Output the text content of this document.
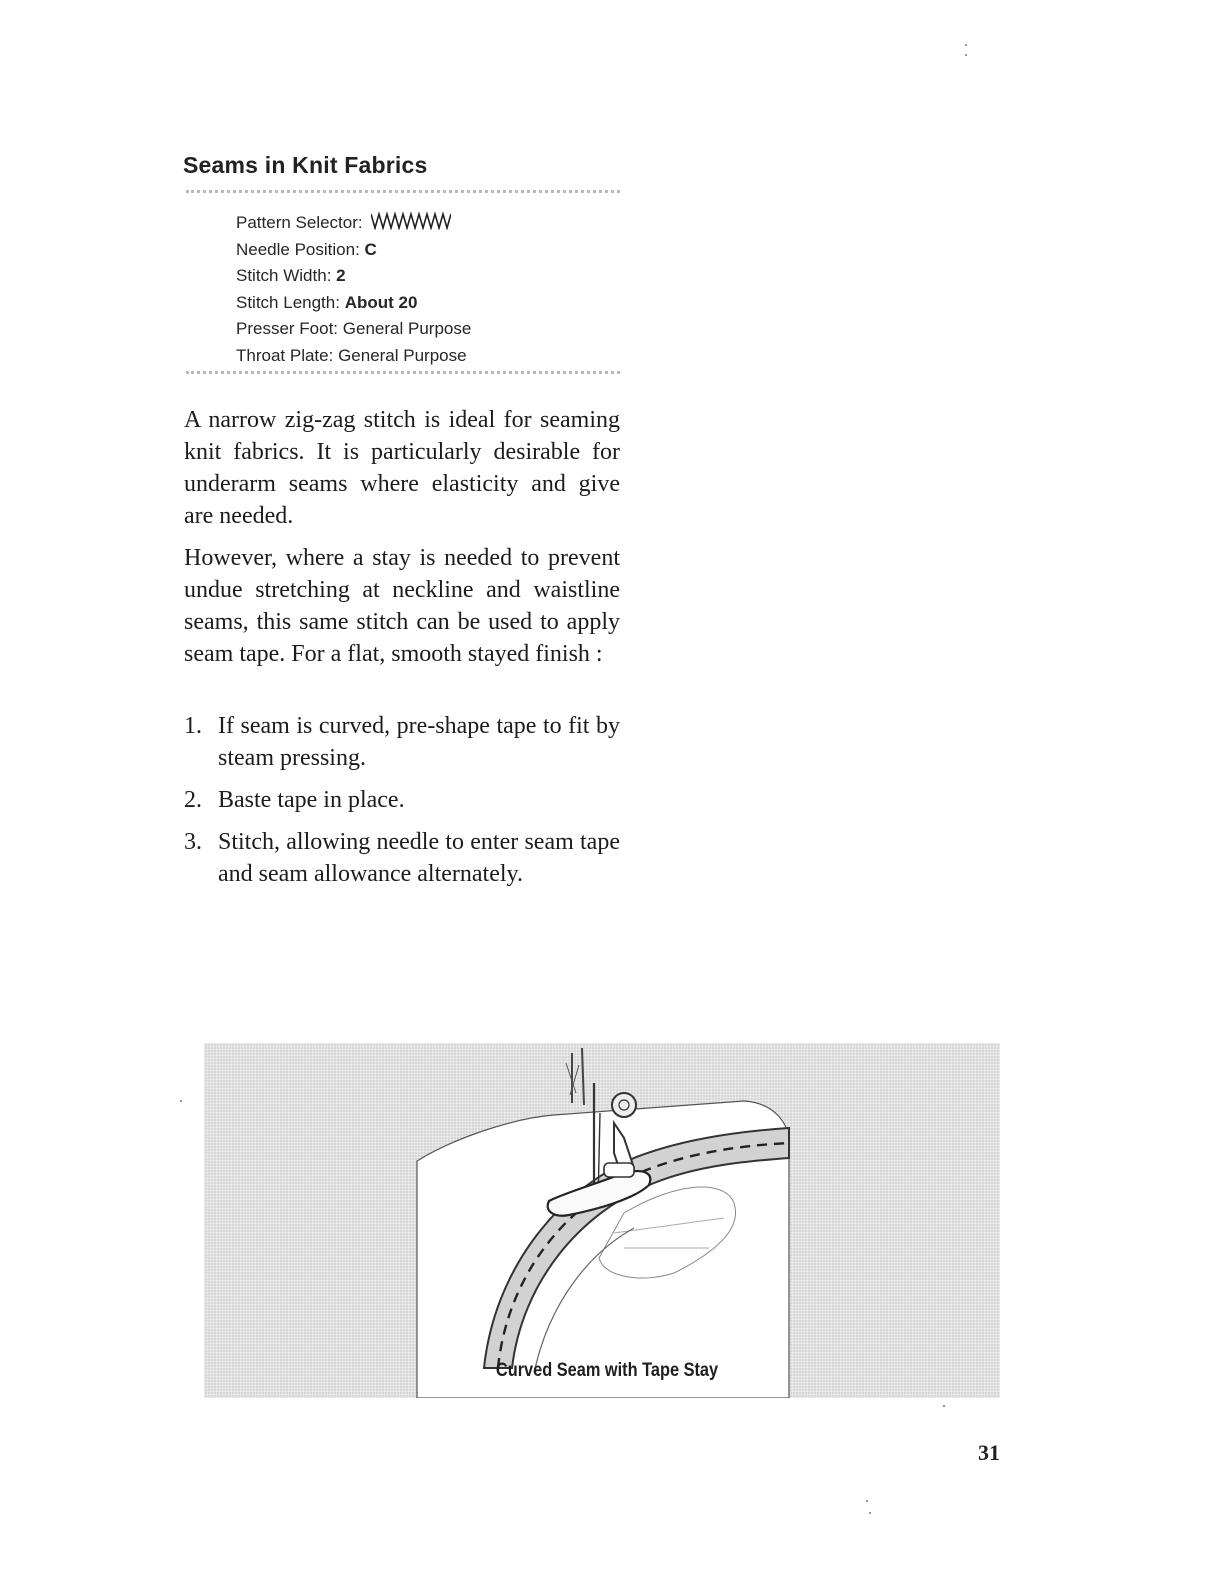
Seams in Knit Fabrics
Pattern Selector:
Needle Position: C
Stitch Width: 2
Stitch Length: About 20
Presser Foot: General Purpose
Throat Plate: General Purpose

A narrow zig-zag stitch is ideal for seaming knit fabrics. It is particularly desirable for underarm seams where elasticity and give are needed.

However, where a stay is needed to prevent undue stretching at neckline and waistline seams, this same stitch can be used to apply seam tape. For a flat, smooth stayed finish :

1. If seam is curved, pre-shape tape to fit by steam pressing.
2. Baste tape in place.
3. Stitch, allowing needle to enter seam tape and seam allowance alternately.
Curved Seam with Tape Stay
31
